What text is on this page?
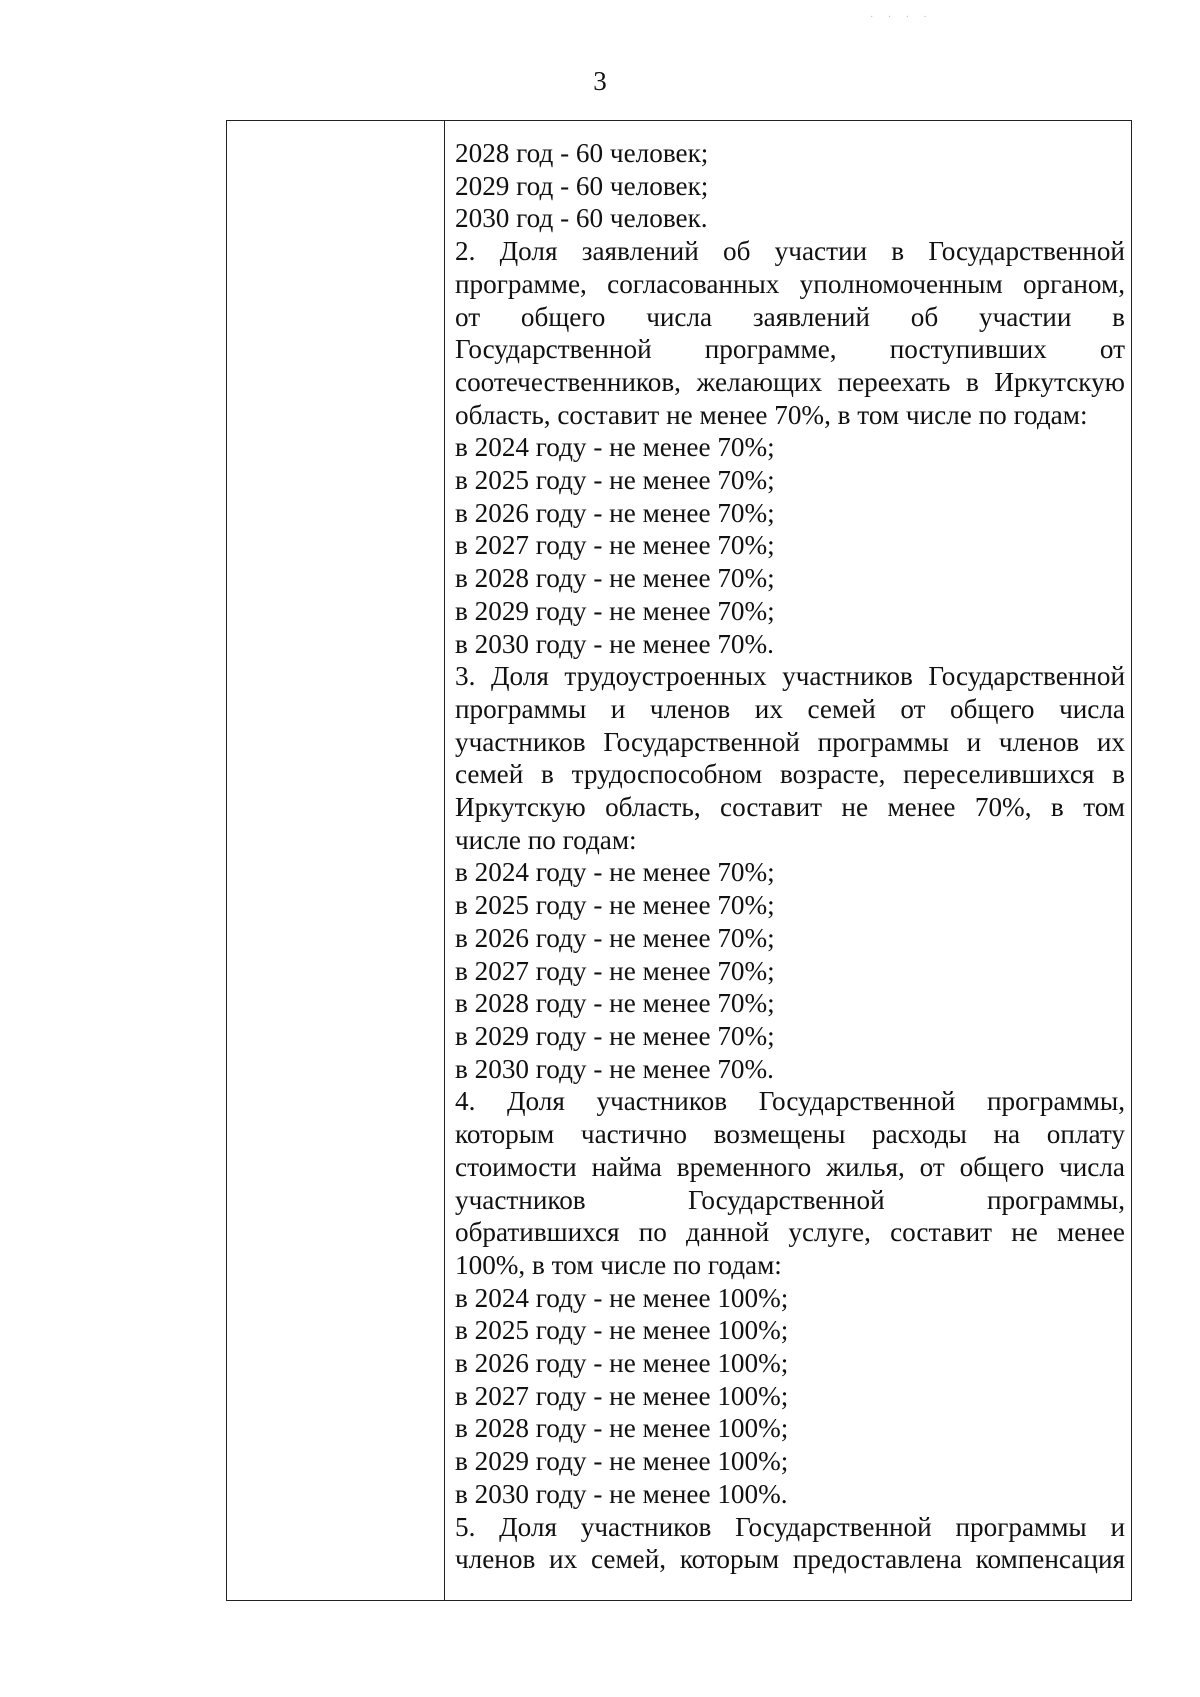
· · · ·
3
2028 год - 60 человек;
2029 год - 60 человек;
2030 год - 60 человек.
2. Доля заявлений об участии в Государственной
программе, согласованных уполномоченным органом,
от общего числа заявлений об участии в
Государственной программе, поступивших от
соотечественников, желающих переехать в Иркутскую
область, составит не менее 70%, в том числе по годам:
в 2024 году - не менее 70%;
в 2025 году - не менее 70%;
в 2026 году - не менее 70%;
в 2027 году - не менее 70%;
в 2028 году - не менее 70%;
в 2029 году - не менее 70%;
в 2030 году - не менее 70%.
3. Доля трудоустроенных участников Государственной
программы и членов их семей от общего числа
участников Государственной программы и членов их
семей в трудоспособном возрасте, переселившихся в
Иркутскую область, составит не менее 70%, в том
числе по годам:
в 2024 году - не менее 70%;
в 2025 году - не менее 70%;
в 2026 году - не менее 70%;
в 2027 году - не менее 70%;
в 2028 году - не менее 70%;
в 2029 году - не менее 70%;
в 2030 году - не менее 70%.
4. Доля участников Государственной программы,
которым частично возмещены расходы на оплату
стоимости найма временного жилья, от общего числа
участников Государственной программы,
обратившихся по данной услуге, составит не менее
100%, в том числе по годам:
в 2024 году - не менее 100%;
в 2025 году - не менее 100%;
в 2026 году - не менее 100%;
в 2027 году - не менее 100%;
в 2028 году - не менее 100%;
в 2029 году - не менее 100%;
в 2030 году - не менее 100%.
5. Доля участников Государственной программы и
членов их семей, которым предоставлена компенсация
